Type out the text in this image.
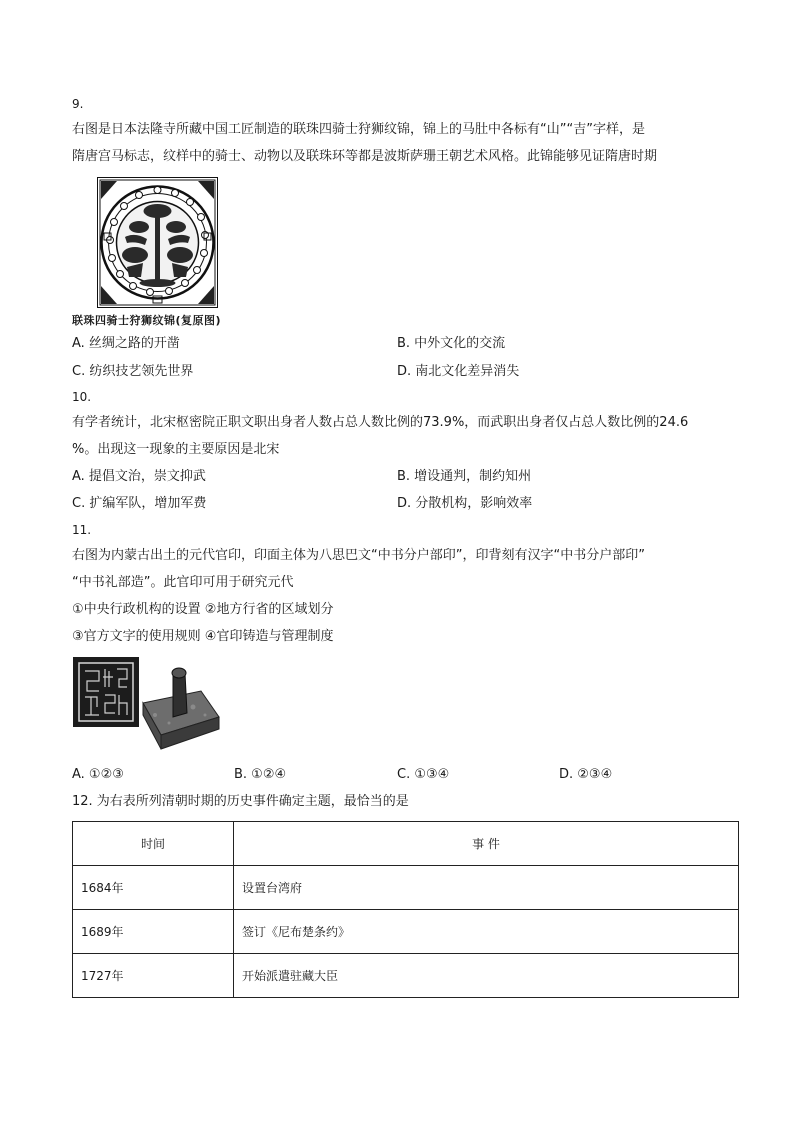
9.
右图是日本法隆寺所藏中国工匠制造的联珠四骑士狩狮纹锦，锦上的马肚中各标有“山”“吉”字样，是
隋唐宫马标志，纹样中的骑士、动物以及联珠环等都是波斯萨珊王朝艺术风格。此锦能够见证隋唐时期
联珠四骑士狩狮纹锦(复原图)
A. 丝绸之路的开凿	B. 中外文化的交流
C. 纺织技艺领先世界	D. 南北文化差异消失
10.
有学者统计，北宋枢密院正职文职出身者人数占总人数比例的73.9%，而武职出身者仅占总人数比例的24.6
%。出现这一现象的主要原因是北宋
A. 提倡文治，崇文抑武	B. 增设通判，制约知州
C. 扩编军队，增加军费	D. 分散机构，影响效率
11.
右图为内蒙古出土的元代官印，印面主体为八思巴文“中书分户部印”，印背刻有汉字“中书分户部印”
“中书礼部造”。此官印可用于研究元代
①中央行政机构的设置 ②地方行省的区域划分
③官方文字的使用规则 ④官印铸造与管理制度
A. ①②③	B. ①②④	C. ①③④	D. ②③④
12. 为右表所列清朝时期的历史事件确定主题，最恰当的是
时间	事 件
1684年	设置台湾府
1689年	签订《尼布楚条约》
1727年	开始派遣驻藏大臣
